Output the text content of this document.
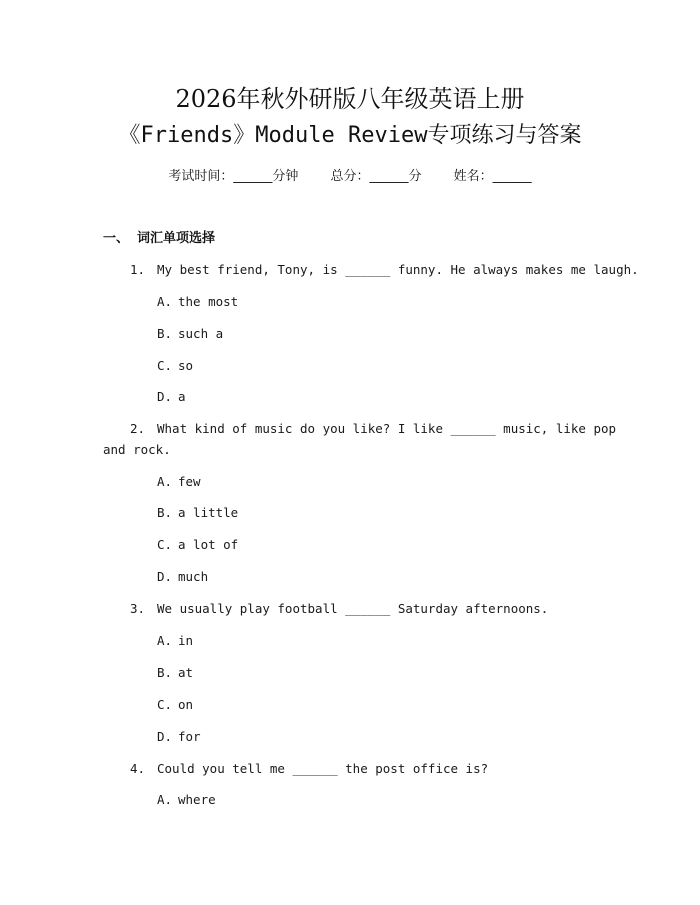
2026年秋外研版八年级英语上册
《Friends》Module Review专项练习与答案
考试时间：______分钟 总分：______分 姓名：______
一、 词汇单项选择
1. My best friend, Tony, is ______ funny. He always makes me laugh.
A. the most
B. such a
C. so
D. a
2. What kind of music do you like? I like ______ music, like pop
and rock.
A. few
B. a little
C. a lot of
D. much
3. We usually play football ______ Saturday afternoons.
A. in
B. at
C. on
D. for
4. Could you tell me ______ the post office is?
A. where
